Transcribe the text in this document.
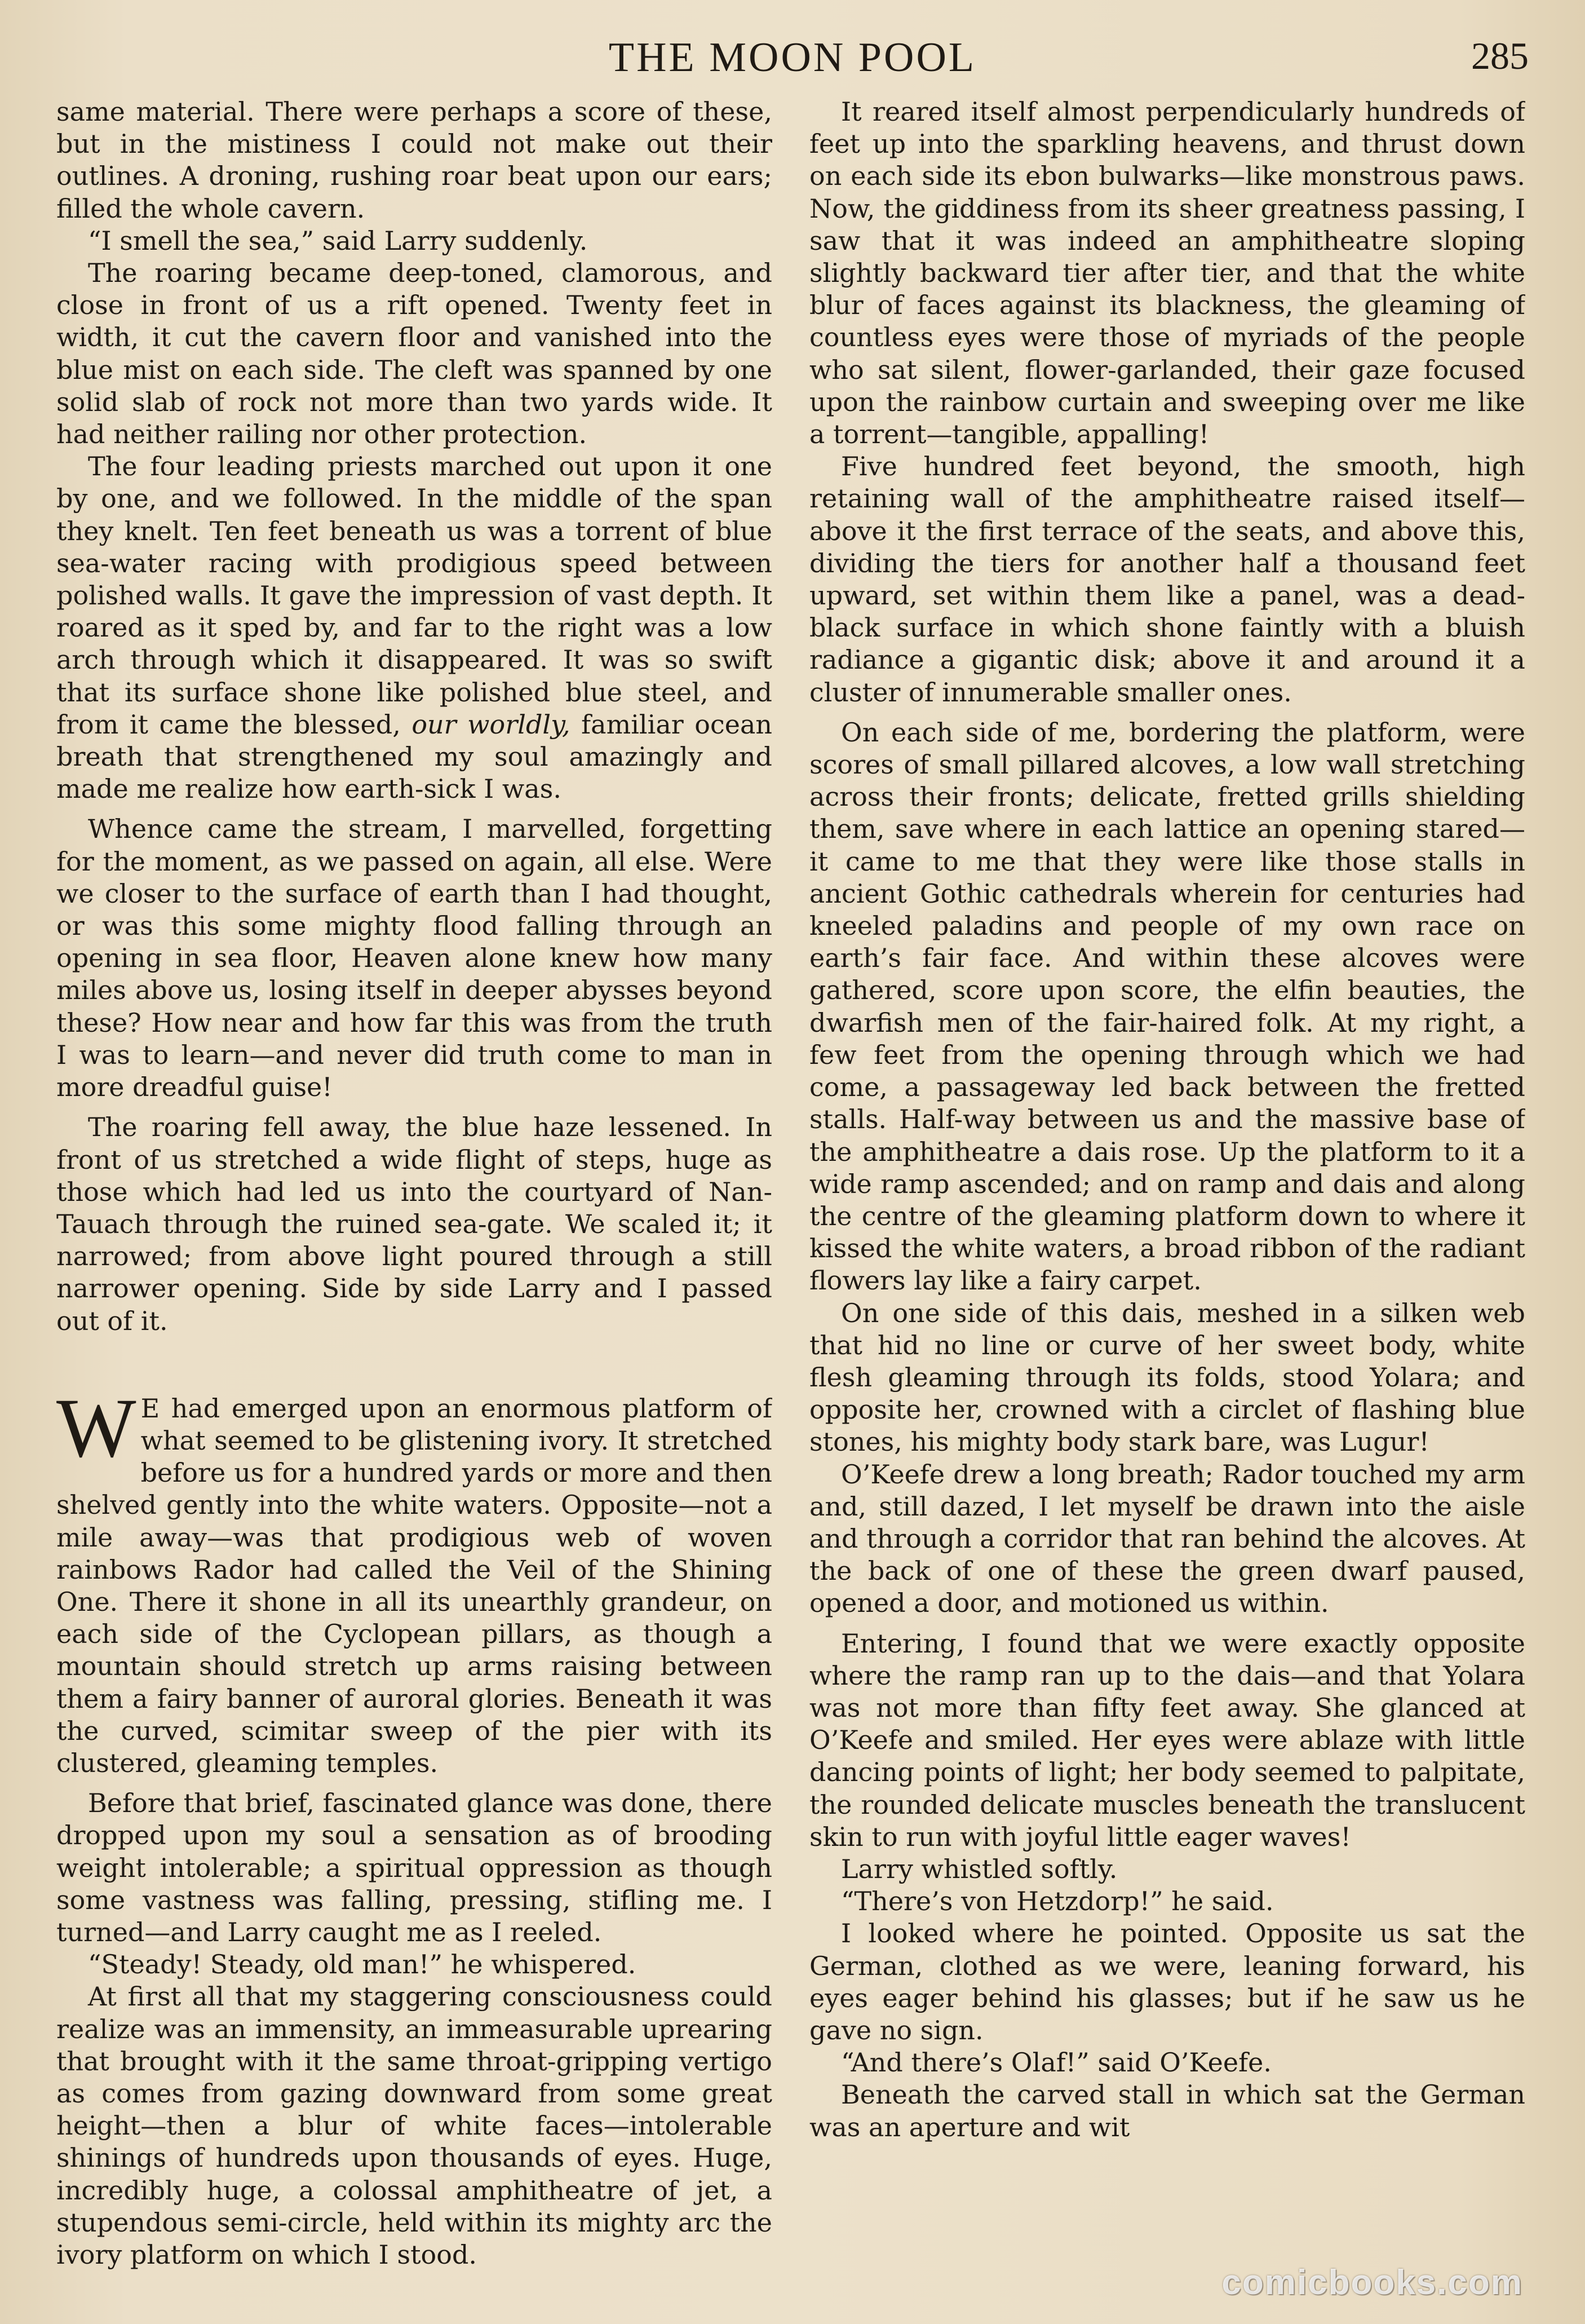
THE MOON POOL	285

same material. There were perhaps a score of these, but in the mistiness I could not make out their outlines. A droning, rushing roar beat upon our ears; filled the whole cavern.

“I smell the sea,” said Larry suddenly.

The roaring became deep-toned, clamorous, and close in front of us a rift opened. Twenty feet in width, it cut the cavern floor and vanished into the blue mist on each side. The cleft was spanned by one solid slab of rock not more than two yards wide. It had neither railing nor other protection.

The four leading priests marched out upon it one by one, and we followed. In the middle of the span they knelt. Ten feet beneath us was a torrent of blue sea-water racing with prodigious speed between polished walls. It gave the impression of vast depth. It roared as it sped by, and far to the right was a low arch through which it disappeared. It was so swift that its surface shone like polished blue steel, and from it came the blessed, our worldly, familiar ocean breath that strengthened my soul amazingly and made me realize how earth-sick I was.

Whence came the stream, I marvelled, forgetting for the moment, as we passed on again, all else. Were we closer to the surface of earth than I had thought, or was this some mighty flood falling through an opening in sea floor, Heaven alone knew how many miles above us, losing itself in deeper abysses beyond these? How near and how far this was from the truth I was to learn—and never did truth come to man in more dreadful guise!

The roaring fell away, the blue haze lessened. In front of us stretched a wide flight of steps, huge as those which had led us into the courtyard of Nan-Tauach through the ruined sea-gate. We scaled it; it narrowed; from above light poured through a still narrower opening. Side by side Larry and I passed out of it.

W E had emerged upon an enormous platform of what seemed to be glistening ivory. It stretched before us for a hundred yards or more and then shelved gently into the white waters. Opposite—not a mile away—was that prodigious web of woven rainbows Rador had called the Veil of the Shining One. There it shone in all its unearthly grandeur, on each side of the Cyclopean pillars, as though a mountain should stretch up arms raising between them a fairy banner of auroral glories. Beneath it was the curved, scimitar sweep of the pier with its clustered, gleaming temples.

Before that brief, fascinated glance was done, there dropped upon my soul a sensation as of brooding weight intolerable; a spiritual oppression as though some vastness was falling, pressing, stifling me. I turned—and Larry caught me as I reeled.

“Steady! Steady, old man!” he whispered.

At first all that my staggering consciousness could realize was an immensity, an immeasurable uprearing that brought with it the same throat-gripping vertigo as comes from gazing downward from some great height—then a blur of white faces—intolerable shinings of hundreds upon thousands of eyes. Huge, incredibly huge, a colossal amphitheatre of jet, a stupendous semi-circle, held within its mighty arc the ivory platform on which I stood.

It reared itself almost perpendicularly hundreds of feet up into the sparkling heavens, and thrust down on each side its ebon bulwarks—like monstrous paws. Now, the giddiness from its sheer greatness passing, I saw that it was indeed an amphitheatre sloping slightly backward tier after tier, and that the white blur of faces against its blackness, the gleaming of countless eyes were those of myriads of the people who sat silent, flower-garlanded, their gaze focused upon the rainbow curtain and sweeping over me like a torrent—tangible, appalling!

Five hundred feet beyond, the smooth, high retaining wall of the amphitheatre raised itself—above it the first terrace of the seats, and above this, dividing the tiers for another half a thousand feet upward, set within them like a panel, was a dead-black surface in which shone faintly with a bluish radiance a gigantic disk; above it and around it a cluster of innumerable smaller ones.

On each side of me, bordering the platform, were scores of small pillared alcoves, a low wall stretching across their fronts; delicate, fretted grills shielding them, save where in each lattice an opening stared—it came to me that they were like those stalls in ancient Gothic cathedrals wherein for centuries had kneeled paladins and people of my own race on earth’s fair face. And within these alcoves were gathered, score upon score, the elfin beauties, the dwarfish men of the fair-haired folk. At my right, a few feet from the opening through which we had come, a passageway led back between the fretted stalls. Half-way between us and the massive base of the amphitheatre a dais rose. Up the platform to it a wide ramp ascended; and on ramp and dais and along the centre of the gleaming platform down to where it kissed the white waters, a broad ribbon of the radiant flowers lay like a fairy carpet.

On one side of this dais, meshed in a silken web that hid no line or curve of her sweet body, white flesh gleaming through its folds, stood Yolara; and opposite her, crowned with a circlet of flashing blue stones, his mighty body stark bare, was Lugur!

O’Keefe drew a long breath; Rador touched my arm and, still dazed, I let myself be drawn into the aisle and through a corridor that ran behind the alcoves. At the back of one of these the green dwarf paused, opened a door, and motioned us within.

Entering, I found that we were exactly opposite where the ramp ran up to the dais—and that Yolara was not more than fifty feet away. She glanced at O’Keefe and smiled. Her eyes were ablaze with little dancing points of light; her body seemed to palpitate, the rounded delicate muscles beneath the translucent skin to run with joyful little eager waves!

Larry whistled softly.

“There’s von Hetzdorp!” he said.

I looked where he pointed. Opposite us sat the German, clothed as we were, leaning forward, his eyes eager behind his glasses; but if he saw us he gave no sign.

“And there’s Olaf!” said O’Keefe.

Beneath the carved stall in which sat the German was an aperture and wit

comicbooks.com
